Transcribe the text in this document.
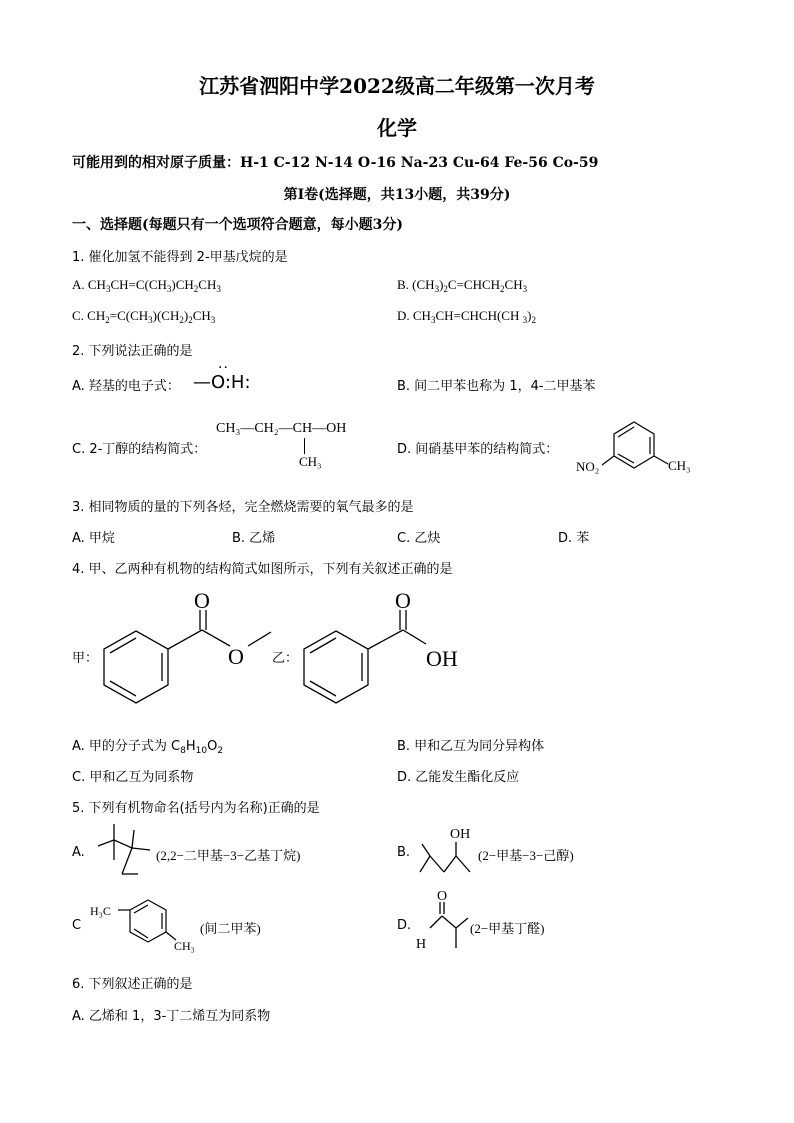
江苏省泗阳中学2022级高二年级第一次月考
化学
可能用到的相对原子质量：H-1 C-12 N-14 O-16 Na-23 Cu-64 Fe-56 Co-59
第Ⅰ卷(选择题，共13小题，共39分)
一、选择题(每题只有一个选项符合题意，每小题3分)
1. 催化加氢不能得到 2-甲基戊烷的是
A. $CH_3CH=C(CH_3)CH_2CH_3$	B. $(CH_3)_2C=CHCH_2CH_3$
C. $CH_2=C(CH_3)(CH_2)_2CH_3$	D. $CH_3CH=CHCH(CH$ $_3)_2$
2. 下列说法正确的是
A. 羟基的电子式：
··
—O:H:	B. 间二甲苯也称为 1，4-二甲基苯
C. 2-丁醇的结构简式：
CH₃—CH₂—CH—OH
CH₃
D. 间硝基甲苯的结构简式：
NO₂	CH₃
3. 相同物质的量的下列各烃，完全燃烧需要的氧气最多的是
A. 甲烷	B. 乙烯	C. 乙炔	D. 苯
4. 甲、乙两种有机物的结构简式如图所示，下列有关叙述正确的是
甲：
O
O 乙：
O
OH
A. 甲的分子式为 $C_8H_{10}O_2$	B. 甲和乙互为同分异构体
C. 甲和乙互为同系物	D. 乙能发生酯化反应
5. 下列有机物命名(括号内为名称)正确的是
A.	(2,2−二甲基−3−乙基丁烷)	B.
OH
(2−甲基−3−己醇)
C
H₃C
CH₃
(间二甲苯)	D.
O
H
(2−甲基丁醛)
6. 下列叙述正确的是
A. 乙烯和 1，3-丁二烯互为同系物
